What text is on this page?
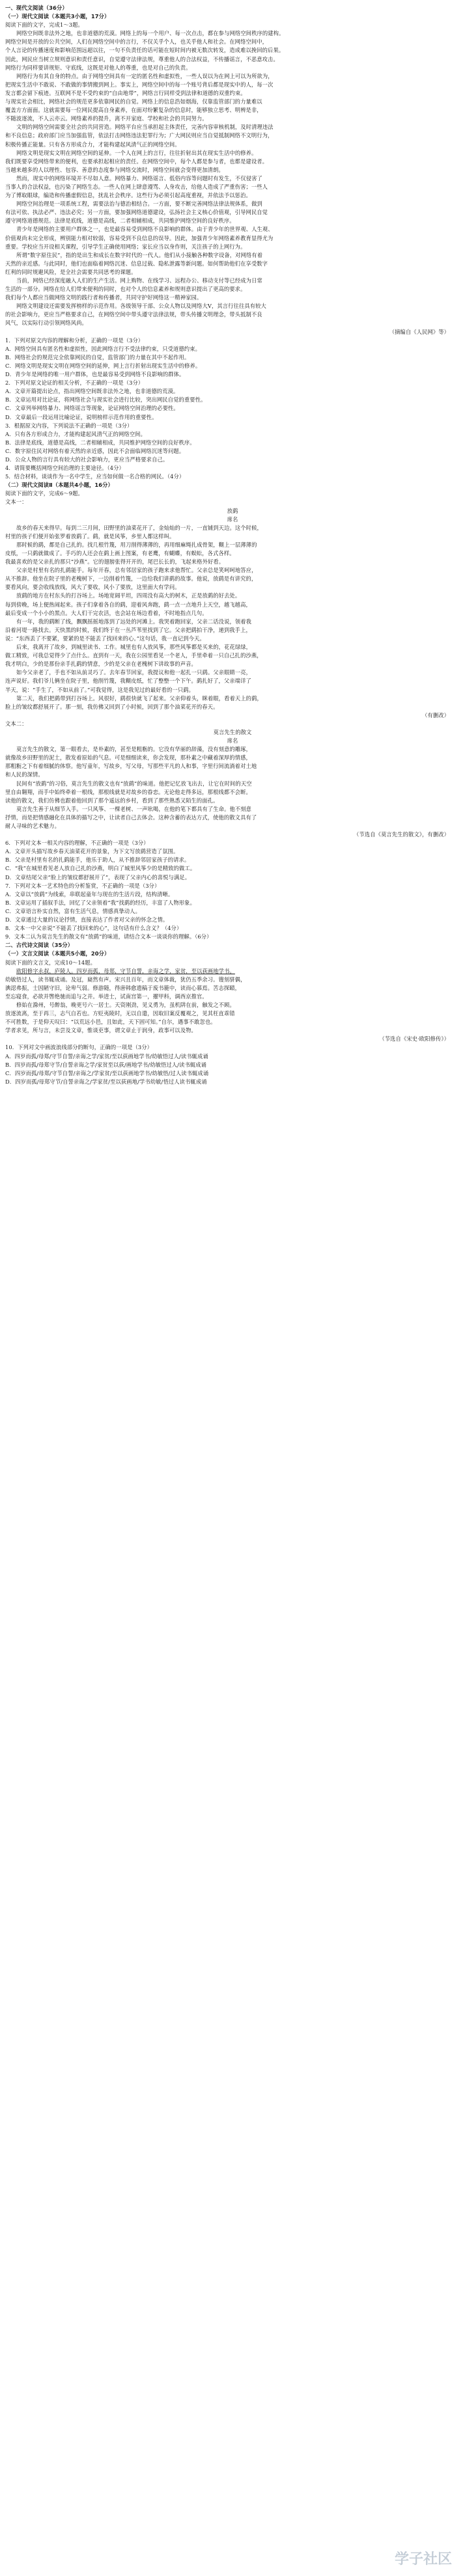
一、现代文阅读（36分）
（一）现代文阅读（本题共3小题，17分）
阅读下面的文字，完成1～3题。
网络空间既非法外之地，也非道德的荒漠。网络上的每一个用户、每一次点击，都在参与网络空间秩序的建构。
网络空间是开放的公共空间，人们在网络空间中的言行，不仅关乎个人，也关乎他人和社会。在网络空间中，
个人言论的传播速度和影响范围远超以往，一句不负责任的话可能在短时间内被无数次转发，造成难以挽回的后果。
因此，网民应当树立规则意识和责任意识，自觉遵守法律法规，尊重他人的合法权益，不传播谣言，不恶意攻击。
网络行为同样要讲规矩、守底线，这既是对他人的尊重，也是对自己的负责。
网络行为有其自身的特点。由于网络空间具有一定的匿名性和虚拟性，一些人误以为在网上可以为所欲为，
把现实生活中不敢说、不敢做的事情搬到网上。事实上，网络空间中的每一个账号背后都是现实中的人，每一次
发言都会留下痕迹。互联网不是不受约束的“自由地带”，网络言行同样受到法律和道德的双重约束。
与现实社会相比，网络社会的规范更多依靠网民的自觉。网络上的信息浩如烟海，仅靠监管部门的力量难以
覆盖方方面面。这就需要每一位网民提高自身素养，在面对纷繁复杂的信息时，能够独立思考、明辨是非，
不随波逐流，不人云亦云。网络素养的提升，离不开家庭、学校和社会的共同努力。
文明的网络空间需要全社会的共同营造。网络平台应当承担起主体责任，完善内容审核机制，及时清理违法
和不良信息；政府部门应当加强监管，依法打击网络违法犯罪行为；广大网民则应当自觉抵制网络不文明行为，
积极传播正能量。只有各方形成合力，才能构建起风清气正的网络空间。
网络文明是现实文明在网络空间的延伸。一个人在网上的言行，往往折射出其在现实生活中的修养。
我们既要享受网络带来的便利，也要承担起相应的责任。在网络空间中，每个人都是参与者，也都是建设者。
当越来越多的人以理性、包容、善意的态度参与网络交流时，网络空间就会变得更加清朗。
然而，现实中的网络环境并不尽如人意。网络暴力、网络谣言、低俗内容等问题时有发生，不仅侵害了
当事人的合法权益，也污染了网络生态。一些人在网上肆意谩骂、人身攻击，给他人造成了严重伤害；一些人
为了博取眼球，编造和传播虚假信息，扰乱社会秩序。这些行为必须引起高度重视，并依法予以惩治。
网络空间治理是一项系统工程，需要法治与德治相结合。一方面，要不断完善网络法律法规体系，做到
有法可依、执法必严、违法必究；另一方面，要加强网络道德建设，弘扬社会主义核心价值观，引导网民自觉
遵守网络道德规范。法律是底线，道德是高线，二者相辅相成，共同维护网络空间的良好秩序。
青少年是网络的主要用户群体之一，也是最容易受到网络不良影响的群体。由于青少年的世界观、人生观、
价值观尚未完全形成，辨别能力相对较弱，容易受到不良信息的误导。因此，加强青少年网络素养教育显得尤为
重要。学校应当开设相关课程，引导学生正确使用网络；家长应当以身作则，关注孩子的上网行为。
所谓“数字原住民”，指的是出生和成长在数字时代的一代人。他们从小接触各种数字设备，对网络有着
天然的亲近感。与此同时，他们也面临着网络沉迷、信息过载、隐私泄露等新问题。如何帮助他们在享受数字
红利的同时规避风险，是全社会需要共同思考的课题。
当前，网络已经深度融入人们的生产生活。网上购物、在线学习、远程办公、移动支付等已经成为日常
生活的一部分。网络在给人们带来便利的同时，也对个人的信息素养和规则意识提出了更高的要求。
我们每个人都应当做网络文明的践行者和传播者，共同守护好网络这一精神家园。
网络文明建设还需要发挥榜样的示范作用。各级领导干部、公众人物以及网络大V，其言行往往具有较大
的社会影响力，更应当严格要求自己，在网络空间中带头遵守法律法规，带头传播文明理念，带头抵制不良
风气，以实际行动引领网络风尚。
（摘编自《人民网》等）
1．下列对原文内容的理解和分析，正确的一项是（3分）
A．网络空间具有匿名性和虚拟性，因此网络言行不受法律约束，只受道德约束。
B．网络社会的规范完全依靠网民的自觉，监管部门的力量在其中不起作用。
C．网络文明是现实文明在网络空间的延伸，网上言行折射出现实生活中的修养。
D．青少年是网络的唯一用户群体，也是最容易受到网络不良影响的群体。
2．下列对原文论证的相关分析，不正确的一项是（3分）
A．文章开篇提出论点，指出网络空间既非法外之地，也非道德的荒漠。
B．文章运用对比论证，将网络社会与现实社会进行比较，突出网民自觉的重要性。
C．文章列举网络暴力、网络谣言等现象，论证网络空间治理的必要性。
D．文章最后一段运用比喻论证，说明榜样示范作用的重要性。
3．根据原文内容，下列说法不正确的一项是（3分）
A．只有各方形成合力，才能构建起风清气正的网络空间。
B．法律是底线，道德是高线，二者相辅相成，共同维护网络空间的良好秩序。
C．数字原住民对网络有着天然的亲近感，因此不会面临网络沉迷等问题。
D．公众人物的言行具有较大的社会影响力，更应当严格要求自己。
4．请简要概括网络空间治理的主要途径。（4分）
5．结合材料，谈谈作为一名中学生，应当如何做一名合格的网民。（4分）
（二）现代文阅读Ⅱ（本题共4小题，16分）
阅读下面的文字，完成6～9题。
文本一：
放鹞
席名
故乡的春天来得早。每到二三月间，田野里的油菜花开了，金灿灿的一片，一直铺到天边。这个时候，
村里的孩子们便开始张罗着放鹞了。鹞，就是风筝，乡里人都这样叫。
那时候的鹞，都是自己扎的。找几根竹篾，用刀削得薄薄的，再用细麻绳扎成骨架，糊上一层薄薄的
皮纸，一只鹞就做成了。手巧的人还会在鹞上画上图案，有老鹰，有蝴蝶，有蜈蚣，各式各样。
我最喜欢的是父亲扎的那只“沙燕”。它的翅膀张得开开的，尾巴长长的，飞起来格外好看。
父亲是村里有名的扎鹞能手。每年开春，总有邻居家的孩子跑来求他帮忙。父亲总是笑呵呵地答应，
从不推辞。他坐在院子里的老槐树下，一边削着竹篾，一边给我们讲鹞的故事。他说，放鹞是有讲究的，
要看风向，要会收线放线，风大了要收，风小了要放，这里面大有学问。
放鹞的地方在村东头的打谷场上。场地宽阔平坦，四周没有高大的树木，正是放鹞的好去处。
每到傍晚，场上便热闹起来。孩子们拿着各自的鹞，迎着风奔跑，鹞一点一点地升上天空，越飞越高，
最后变成一个小小的黑点。大人们干完农活，也会站在场边看着，不时地指点几句。
有一年，我的鹞断了线，飘飘摇摇地落到了远处的河滩上。我哭着跑回家，父亲二话没说，领着我
沿着河堤一路找去。天快黑的时候，我们终于在一丛芦苇里找到了它。父亲把鹞拍干净，递到我手上，
说：“东西丢了不要紧，要紧的是不能丢了找回来的心。”这句话，我一直记到今天。
后来，我离开了故乡，到城里读书、工作。城里也有人放风筝，那些风筝都是买来的，花花绿绿，
做工精致，可我总觉得少了点什么。直到有一天，我在公园里看见一个老人，手里牵着一只自己扎的沙燕，
我才明白，少的是那份亲手扎鹞的情意，少的是父亲在老槐树下讲故事的声音。
如今父亲老了，手也不如从前灵巧了。去年春节回家，我提议和他一起扎一只鹞。父亲眼睛一亮，
连声说好。我们爷儿俩坐在院子里，他削竹篾，我糊皮纸，忙了整整一个下午。鹞扎好了，父亲端详了
半天，说：“手生了，不如从前了。”可我觉得，这是我见过的最好看的一只鹞。
第二天，我们把鹞带到打谷场上。风很好，鹞很快就飞了起来。父亲仰着头，眯着眼，看着天上的鹞，
脸上的皱纹都舒展开了。那一刻，我仿佛又回到了小时候，回到了那个油菜花开的春天。
（有删改）
文本二：
莫言先生的散文
席名
莫言先生的散文，第一眼看去，是朴素的，甚至是粗粝的。它没有华丽的辞藻，没有刻意的雕琢，
就像故乡田野里的泥土，散发着原始的气息。可是细细读来，你会发现，那朴素之中藏着深厚的情感，
那粗粝之下有着细腻的体察。他写童年，写故乡，写父母，写那些平凡的人和事，字里行间流淌着对土地
和人民的深情。
民间有“放鹞”的习俗，莫言先生的散文也有“放鹞”的味道。他把记忆放飞出去，让它在时间的天空
里自由翱翔，而手中始终牵着一根线，那根线就是对故乡的眷恋。无论他走得多远，那根线都不会断。
读他的散文，我们仿佛也跟着他回到了那个遥远的乡村，看到了那些熟悉又陌生的面孔。
莫言先生善于从细节入手。一只风筝、一棵老树、一声吆喝，在他的笔下都具有了生命。他不刻意
抒情，而是把情感融化在具体的描写之中，让读者自己去体会。这种含蓄的表达方式，使他的散文具有了
耐人寻味的艺术魅力。
（节选自《莫言先生的散文》，有删改）
6．下列对文本一相关内容的理解，不正确的一项是（3分）
A．文章开头描写故乡春天油菜花开的景象，为下文写放鹞营造了氛围。
B．父亲是村里有名的扎鹞能手，他乐于助人，从不推辞邻居家孩子的请求。
C．“我”在城里看见老人放自己扎的沙燕，明白了城里风筝少的是精致的做工。
D．文章结尾父亲“脸上的皱纹都舒展开了”，表现了父亲内心的喜悦与满足。
7．下列对文本一艺术特色的分析鉴赏，不正确的一项是（3分）
A．文章以“放鹞”为线索，串联起童年与现在的生活片段，结构清晰。
B．文章运用了插叙手法，回忆了父亲领着“我”找鹞的经历，丰富了人物形象。
C．文章语言朴实自然，富有生活气息，情感真挚动人。
D．文章通过大量的议论抒情，直接表达了作者对父亲的怀念之情。
8．文本一中父亲说“不能丢了找回来的心”，这句话有什么含义？（4分）
9．文本二认为莫言先生的散文有“放鹞”的味道，请结合文本一谈谈你的理解。（6分）
二、古代诗文阅读（35分）
（一）文言文阅读（本题共5小题，20分）
阅读下面的文言文，完成10～14题。
欧阳修字永叔，庐陵人。四岁而孤，母郑，守节自誓，亲诲之学，家贫，至以荻画地学书。
幼敏悟过人，读书辄成诵。及冠，嶷然有声。宋兴且百年，而文章体裁，犹仍五季余习。锼刻骈偶，
淟涊弗振，士因陋守旧，论卑气弱。修游随，得唐韩愈遗稿于废书簏中，读而心慕焉。苦志探赜，
至忘寝食，必欲并辔绝驰而追与之并。举进士，试南宫第一，擢甲科，调西京推官。
修始在滁州，号醉翁，晚更号六一居士。天资刚劲，见义勇为，虽机阱在前，触发之不顾。
放逐流离，至于再三，志气自若也。方贬夷陵时，无以自遣，因取旧案反覆观之，见其枉直乖错
不可胜数，于是仰天叹曰：“以荒远小邑，且如此，天下固可知。”自尔，遇事不敢忽也。
学者求见，所与言，未尝及文章，惟谈吏事，谓文章止于润身，政事可以及物。
（节选自《宋史·欧阳修传》）
10．下列对文中画波浪线部分的断句，正确的一项是（3分）
A．四岁而孤/母郑/守节自誓/亲诲之学/家贫/至以荻画地学书/幼敏悟过人/读书辄成诵
B．四岁而孤/母郑守节/自誓亲诲之学/家贫至以荻/画地学书/幼敏悟过人/读书辄成诵
C．四岁而孤/母郑/守节自誓/亲诲之/学家贫/至以荻画地学书/幼敏悟/过人读书辄成诵
D．四岁而孤/母郑守节/自誓亲诲之/学家贫/至以荻画地/学书幼敏/悟过人读书辄成诵
学子社区
